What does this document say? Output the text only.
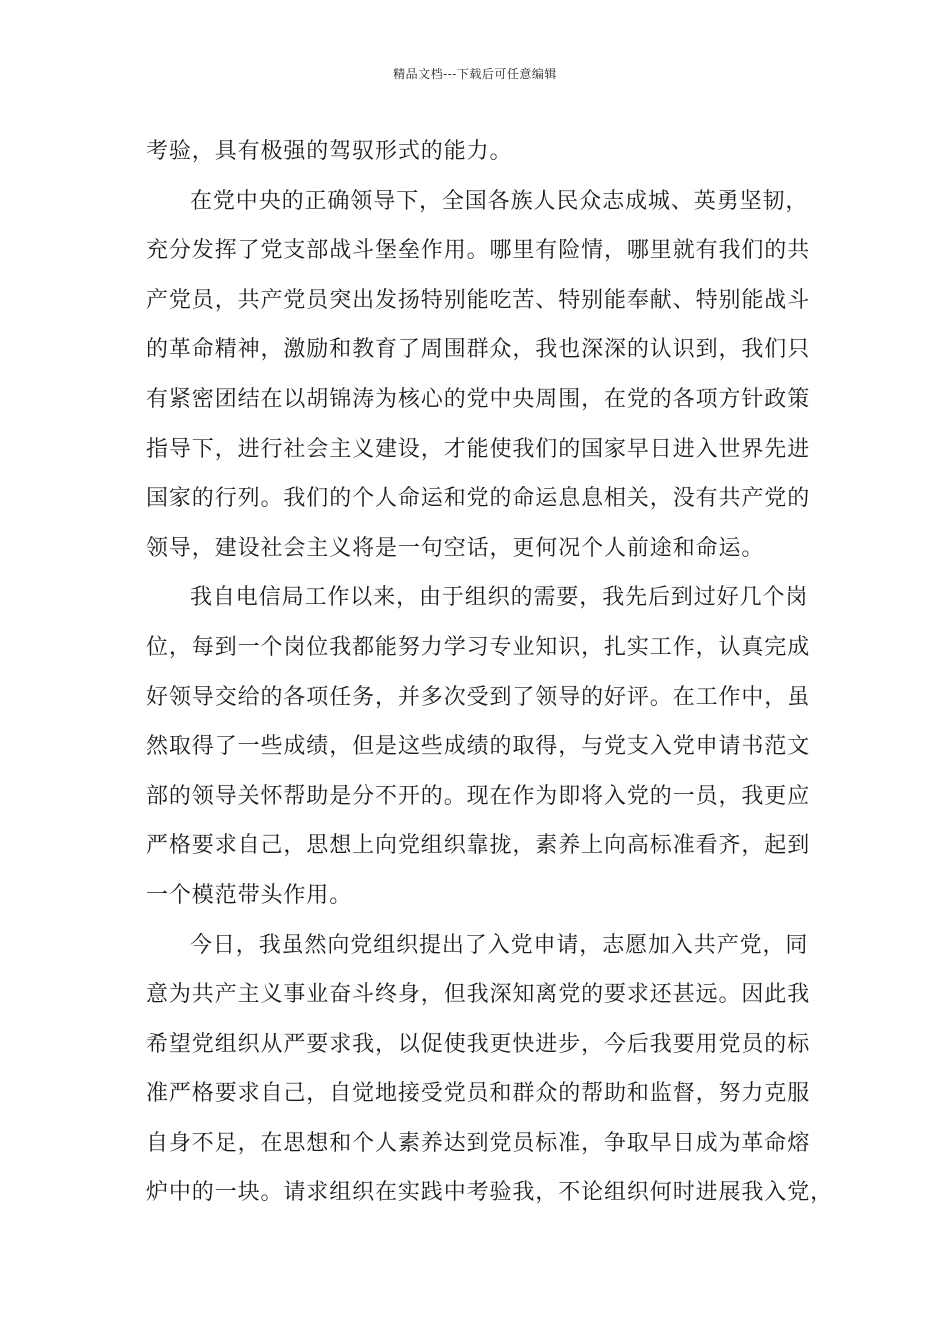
精品文档---下载后可任意编辑
考验，具有极强的驾驭形式的能力。
在党中央的正确领导下，全国各族人民众志成城、英勇坚韧，
充分发挥了党支部战斗堡垒作用。哪里有险情，哪里就有我们的共
产党员，共产党员突出发扬特别能吃苦、特别能奉献、特别能战斗
的革命精神，激励和教育了周围群众，我也深深的认识到，我们只
有紧密团结在以胡锦涛为核心的党中央周围，在党的各项方针政策
指导下，进行社会主义建设，才能使我们的国家早日进入世界先进
国家的行列。我们的个人命运和党的命运息息相关，没有共产党的
领导，建设社会主义将是一句空话，更何况个人前途和命运。
我自电信局工作以来，由于组织的需要，我先后到过好几个岗
位，每到一个岗位我都能努力学习专业知识，扎实工作，认真完成
好领导交给的各项任务，并多次受到了领导的好评。在工作中，虽
然取得了一些成绩，但是这些成绩的取得，与党支入党申请书范文
部的领导关怀帮助是分不开的。现在作为即将入党的一员，我更应
严格要求自己，思想上向党组织靠拢，素养上向高标准看齐，起到
一个模范带头作用。
今日，我虽然向党组织提出了入党申请，志愿加入共产党，同
意为共产主义事业奋斗终身，但我深知离党的要求还甚远。因此我
希望党组织从严要求我，以促使我更快进步，今后我要用党员的标
准严格要求自己，自觉地接受党员和群众的帮助和监督，努力克服
自身不足，在思想和个人素养达到党员标准，争取早日成为革命熔
炉中的一块。请求组织在实践中考验我，不论组织何时进展我入党，
